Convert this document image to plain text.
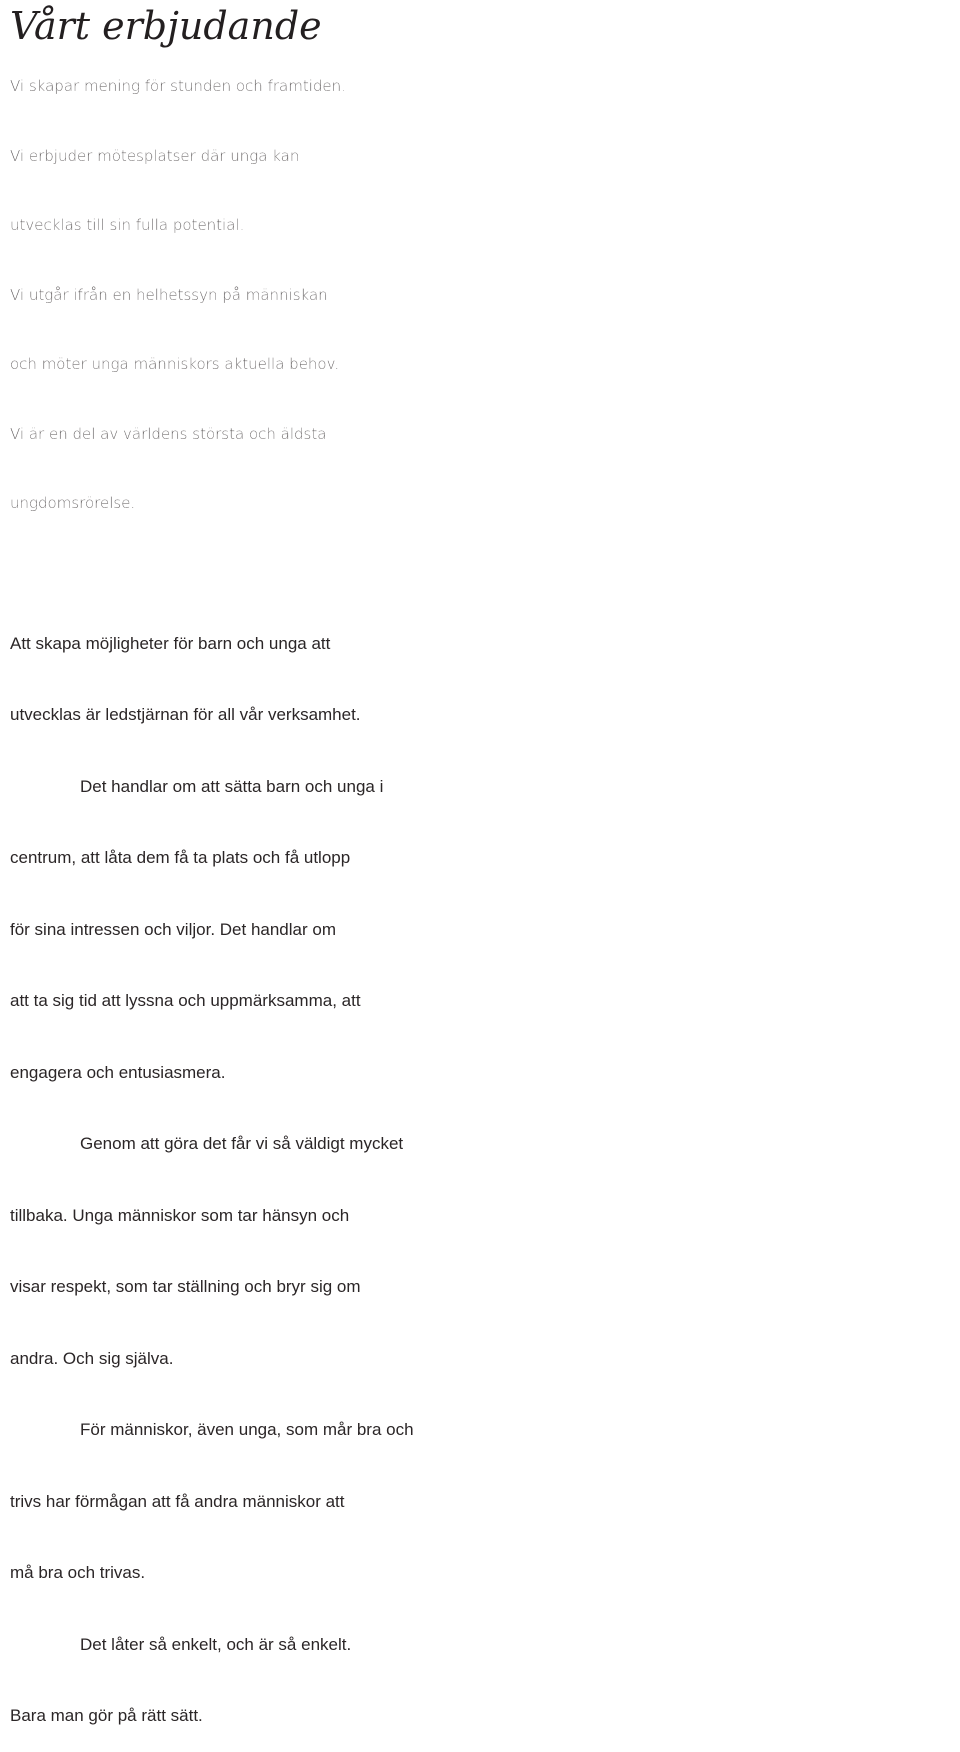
Vårt erbjudande
Vi skapar mening för stunden och framtiden.
Vi erbjuder mötesplatser där unga kan
utvecklas till sin fulla potential.
Vi utgår ifrån en helhetssyn på människan
och möter unga människors aktuella behov.
Vi är en del av världens största och äldsta
ungdomsrörelse.
Att skapa möjligheter för barn och unga att
utvecklas är ledstjärnan för all vår verksamhet.
Det handlar om att sätta barn och unga i
centrum, att låta dem få ta plats och få utlopp
för sina intressen och viljor. Det handlar om
att ta sig tid att lyssna och uppmärksamma, att
engagera och entusiasmera.
Genom att göra det får vi så väldigt mycket
tillbaka. Unga människor som tar hänsyn och
visar respekt, som tar ställning och bryr sig om
andra. Och sig själva.
För människor, även unga, som mår bra och
trivs har förmågan att få andra människor att
må bra och trivas.
Det låter så enkelt, och är så enkelt.
Bara man gör på rätt sätt.
